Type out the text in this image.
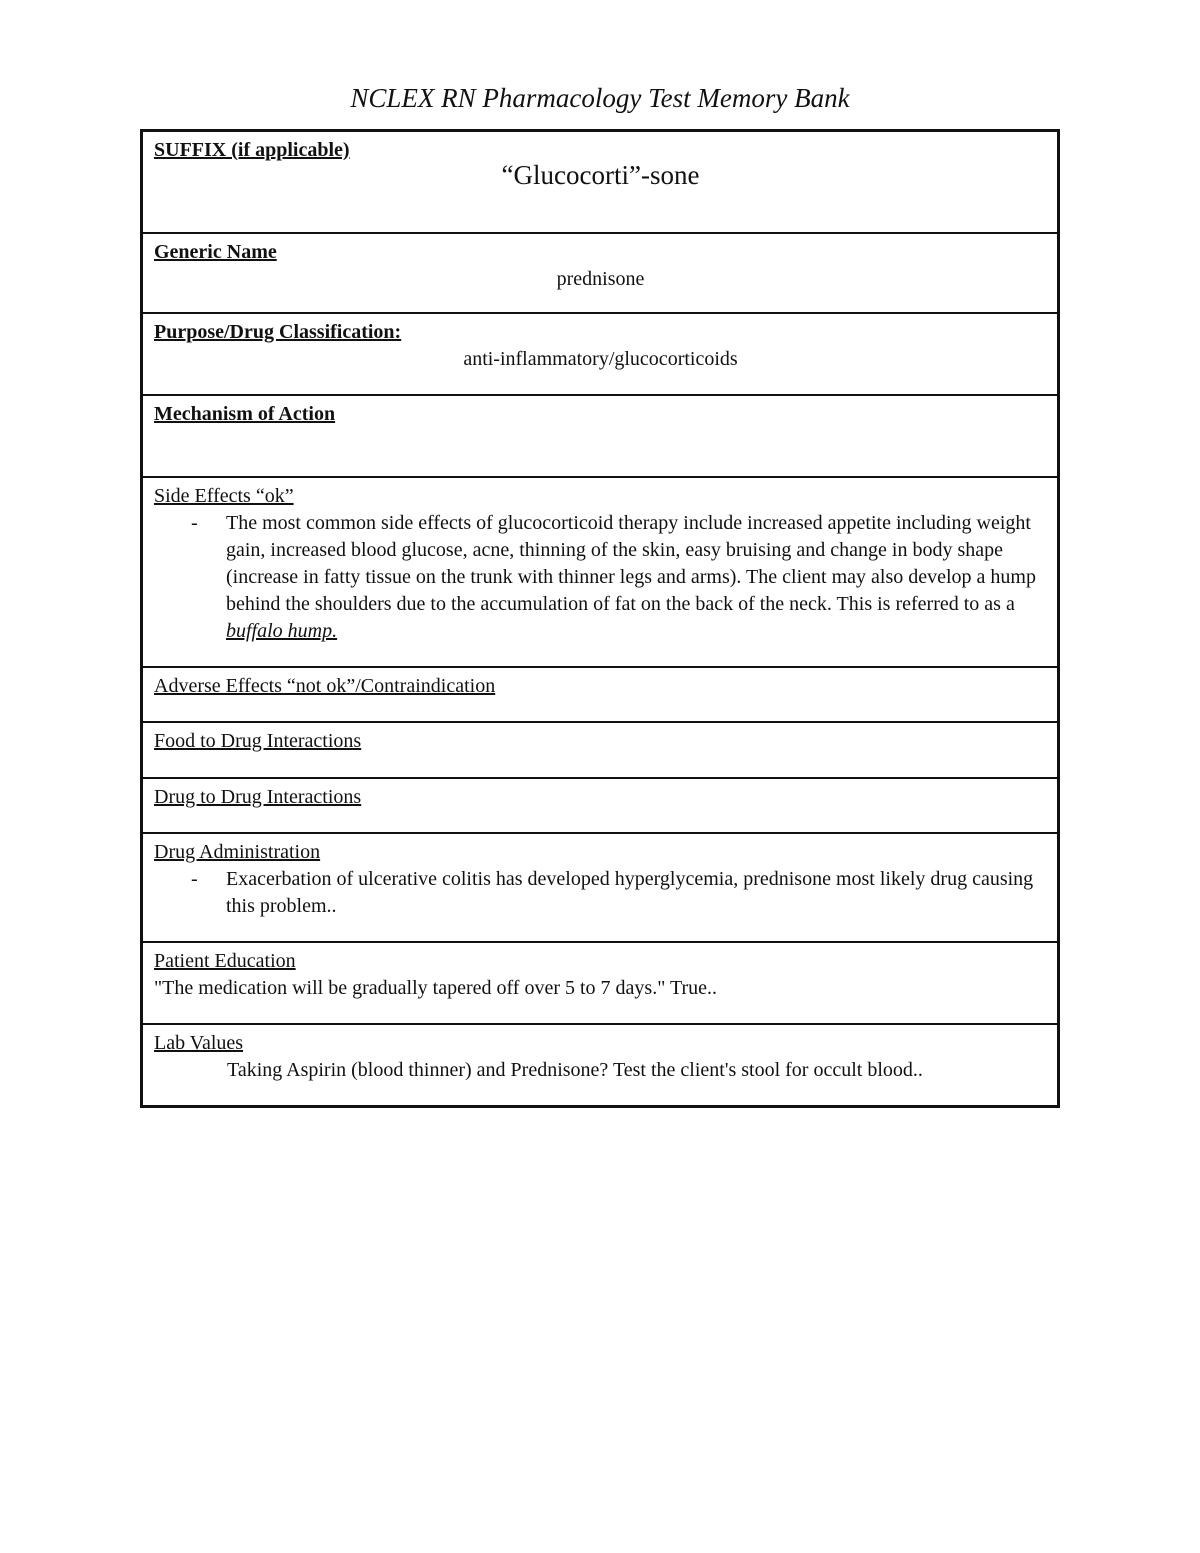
NCLEX RN Pharmacology Test Memory Bank
SUFFIX (if applicable)

“Glucocorti”-sone

Generic Name

prednisone

Purpose/Drug Classification:

anti-inflammatory/glucocorticoids

Mechanism of Action
Side Effects “ok”
-	The most common side effects of glucocorticoid therapy include increased appetite including weight gain, increased blood glucose, acne, thinning of the skin, easy bruising and change in body shape (increase in fatty tissue on the trunk with thinner legs and arms). The client may also develop a hump behind the shoulders due to the accumulation of fat on the back of the neck. This is referred to as a buffalo hump.
Adverse Effects “not ok”/Contraindication
Food to Drug Interactions
Drug to Drug Interactions
Drug Administration
-	Exacerbation of ulcerative colitis has developed hyperglycemia, prednisone most likely drug causing this problem..
Patient Education
"The medication will be gradually tapered off over 5 to 7 days." True..
Lab Values
Taking Aspirin (blood thinner) and Prednisone? Test the client's stool for occult blood..
